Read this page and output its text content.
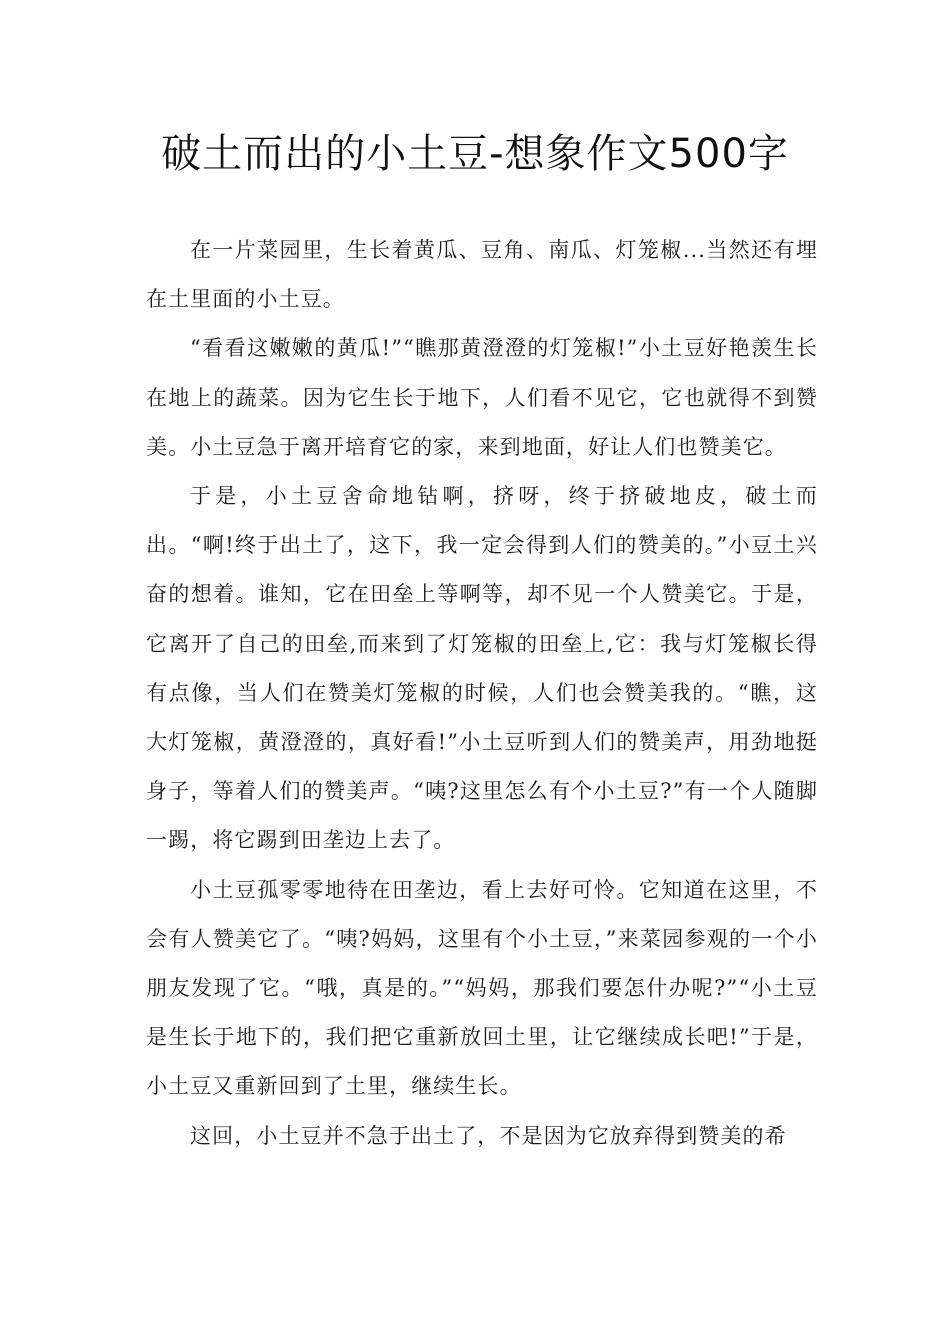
破土而出的小土豆-想象作文500字

在一片菜园里，生长着黄瓜、豆角、南瓜、灯笼椒...当然还有埋在土里面的小土豆。

“看看这嫩嫩的黄瓜!”“瞧那黄澄澄的灯笼椒!”小土豆好艳羡生长在地上的蔬菜。因为它生长于地下，人们看不见它，它也就得不到赞美。小土豆急于离开培育它的家，来到地面，好让人们也赞美它。

于是，小土豆舍命地钻啊，挤呀，终于挤破地皮，破土而出。“啊!终于出土了，这下，我一定会得到人们的赞美的。”小豆土兴奋的想着。谁知，它在田垒上等啊等，却不见一个人赞美它。于是，它离开了自己的田垒,而来到了灯笼椒的田垒上,它：我与灯笼椒长得有点像，当人们在赞美灯笼椒的时候，人们也会赞美我的。“瞧，这大灯笼椒，黄澄澄的，真好看!”小土豆听到人们的赞美声，用劲地挺身子，等着人们的赞美声。“咦?这里怎么有个小土豆?”有一个人随脚一踢，将它踢到田垄边上去了。

小土豆孤零零地待在田垄边，看上去好可怜。它知道在这里，不会有人赞美它了。“咦?妈妈，这里有个小土豆，”来菜园参观的一个小朋友发现了它。“哦，真是的。”“妈妈，那我们要怎什办呢?”“小土豆是生长于地下的，我们把它重新放回土里，让它继续成长吧!”于是，小土豆又重新回到了土里，继续生长。

这回，小土豆并不急于出土了，不是因为它放弃得到赞美的希
